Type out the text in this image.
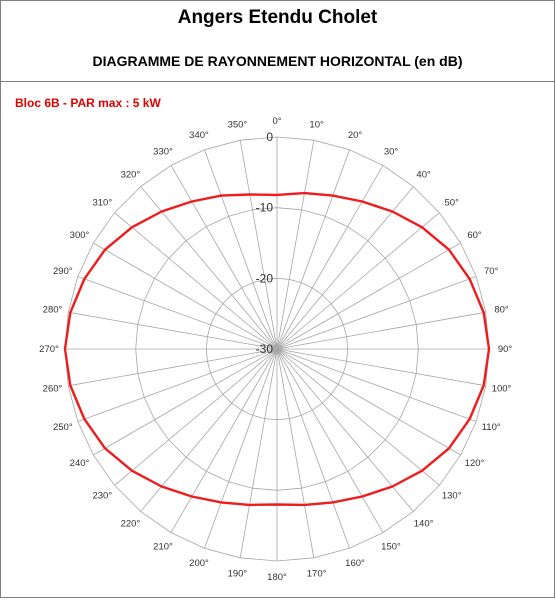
Angers Etendu Cholet
DIAGRAMME DE RAYONNEMENT HORIZONTAL (en dB)
Bloc 6B - PAR max : 5 kW
0
-10
-20
-30
0°	10°
20°
30°
40°
50°
60°
70°
80°
90°
100°
110°
120°
130°
140°
150°
160°
170°
180°
190°
200°
210°
220°
230°
240°
250°
260°
270°
280°
290°
300°
310°
320°
330°
340°
350°
